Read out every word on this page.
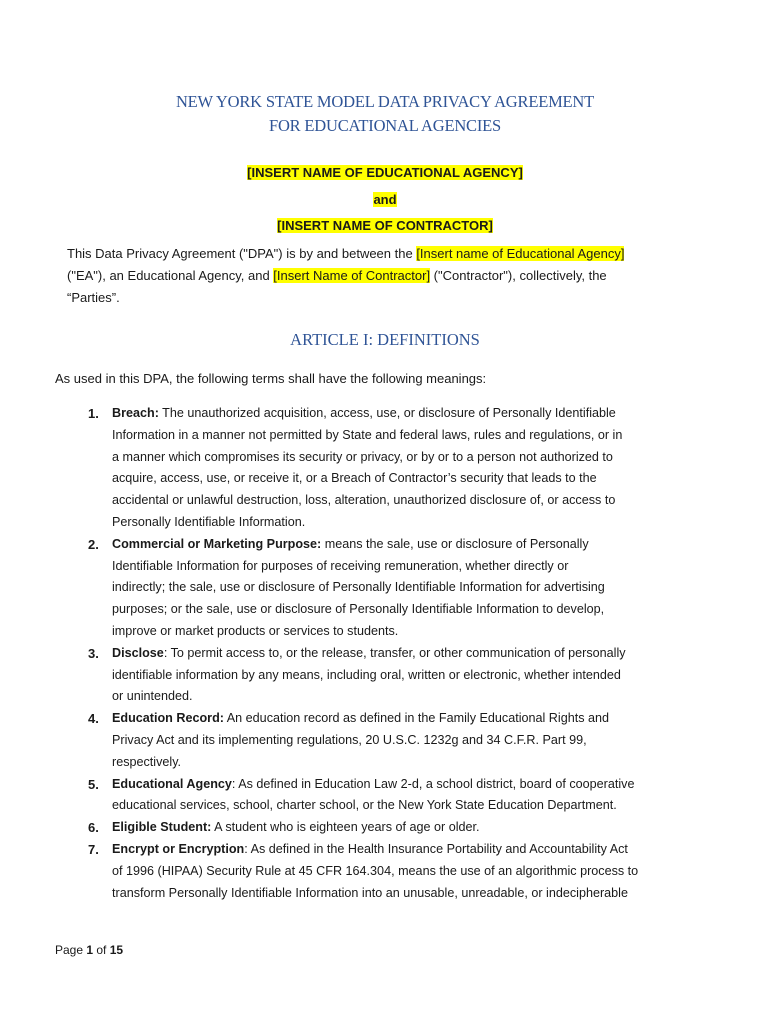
NEW YORK STATE MODEL DATA PRIVACY AGREEMENT
FOR EDUCATIONAL AGENCIES
[INSERT NAME OF EDUCATIONAL AGENCY]
and
[INSERT NAME OF CONTRACTOR]
This Data Privacy Agreement ("DPA") is by and between the [Insert name of Educational Agency]
("EA"), an Educational Agency, and [Insert Name of Contractor] ("Contractor"), collectively, the
“Parties”.
ARTICLE I: DEFINITIONS
As used in this DPA, the following terms shall have the following meanings:
1.	Breach: The unauthorized acquisition, access, use, or disclosure of Personally Identifiable
Information in a manner not permitted by State and federal laws, rules and regulations, or in
a manner which compromises its security or privacy, or by or to a person not authorized to
acquire, access, use, or receive it, or a Breach of Contractor’s security that leads to the
accidental or unlawful destruction, loss, alteration, unauthorized disclosure of, or access to
Personally Identifiable Information.
2.	Commercial or Marketing Purpose: means the sale, use or disclosure of Personally
Identifiable Information for purposes of receiving remuneration, whether directly or
indirectly; the sale, use or disclosure of Personally Identifiable Information for advertising
purposes; or the sale, use or disclosure of Personally Identifiable Information to develop,
improve or market products or services to students.
3.	Disclose: To permit access to, or the release, transfer, or other communication of personally
identifiable information by any means, including oral, written or electronic, whether intended
or unintended.
4.	Education Record: An education record as defined in the Family Educational Rights and
Privacy Act and its implementing regulations, 20 U.S.C. 1232g and 34 C.F.R. Part 99,
respectively.
5.	Educational Agency: As defined in Education Law 2-d, a school district, board of cooperative
educational services, school, charter school, or the New York State Education Department.
6.	Eligible Student: A student who is eighteen years of age or older.
7.	Encrypt or Encryption: As defined in the Health Insurance Portability and Accountability Act
of 1996 (HIPAA) Security Rule at 45 CFR 164.304, means the use of an algorithmic process to
transform Personally Identifiable Information into an unusable, unreadable, or indecipherable
Page 1 of 15
